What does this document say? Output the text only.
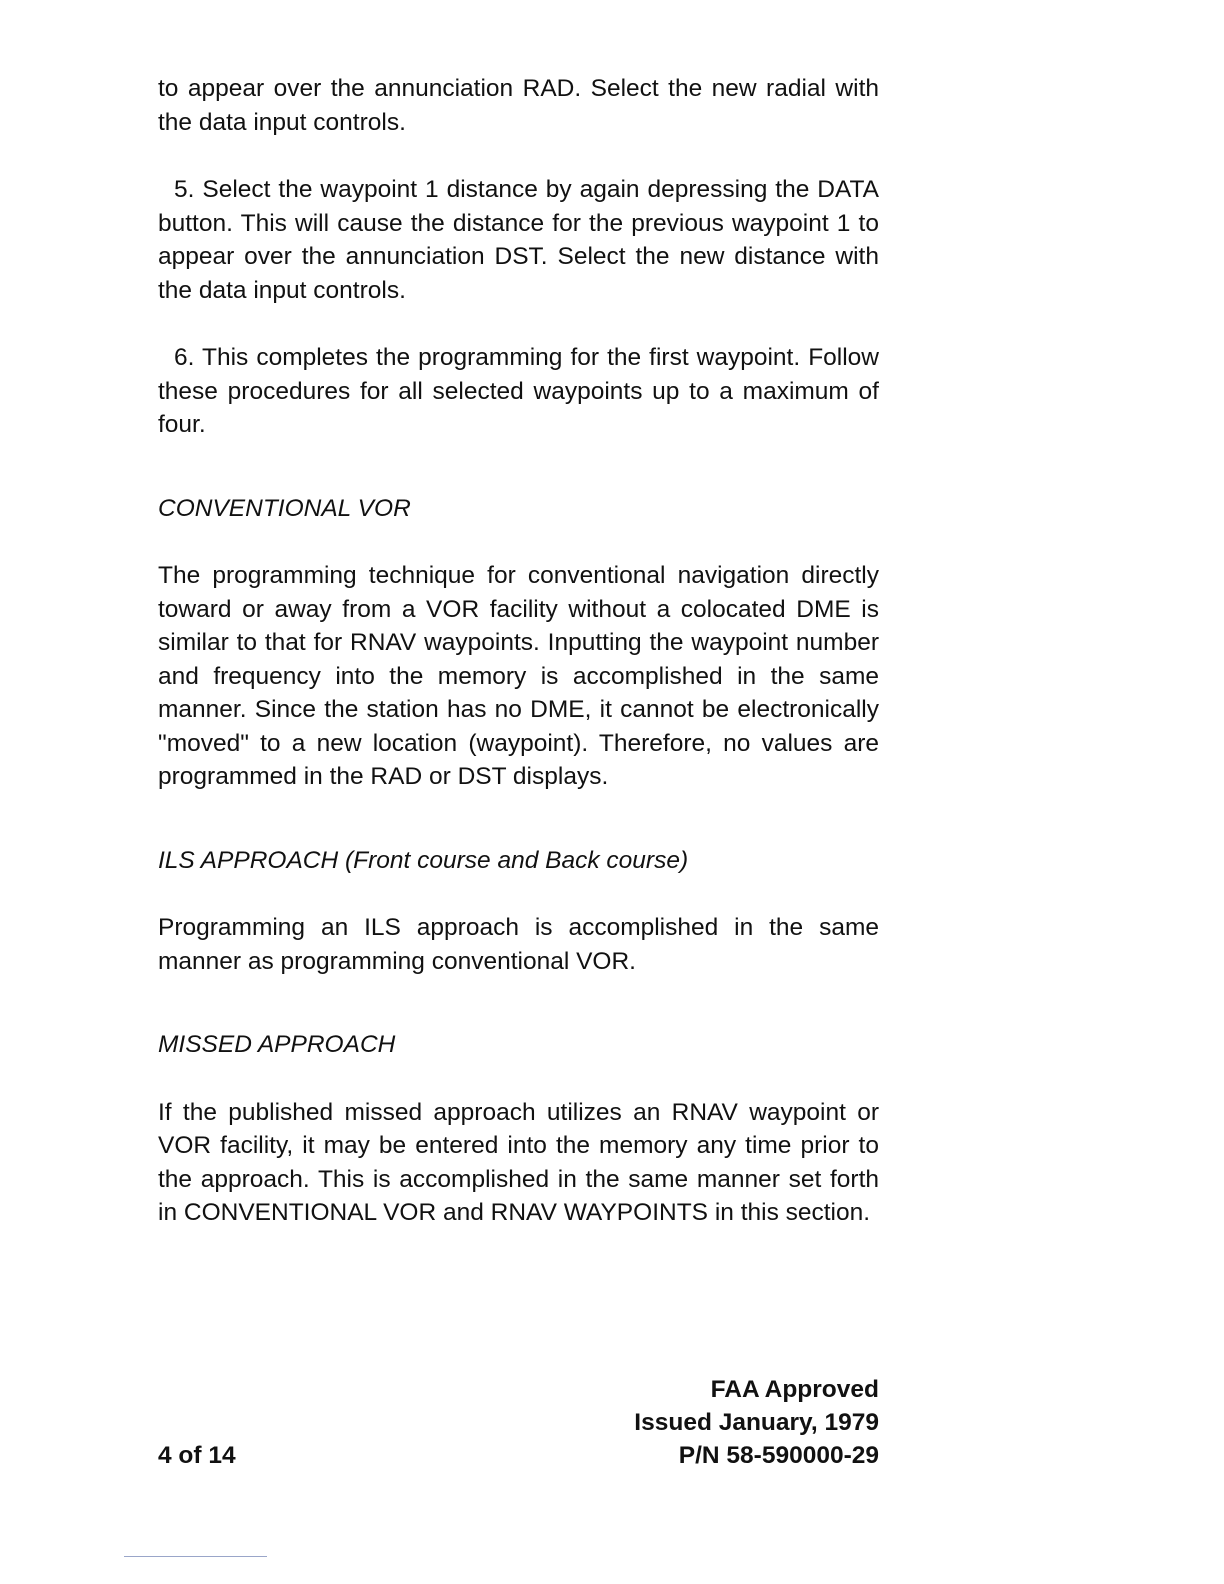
to appear over the annunciation RAD. Select the new radial with the data input controls.

5. Select the waypoint 1 distance by again depressing the DATA button. This will cause the distance for the previous waypoint 1 to appear over the annunciation DST. Select the new distance with the data input controls.

6. This completes the programming for the first waypoint. Follow these procedures for all selected waypoints up to a maximum of four.

CONVENTIONAL VOR

The programming technique for conventional navigation directly toward or away from a VOR facility without a colocated DME is similar to that for RNAV waypoints. Inputting the waypoint number and frequency into the memory is accomplished in the same manner. Since the station has no DME, it cannot be electronically "moved" to a new location (waypoint). Therefore, no values are programmed in the RAD or DST displays.

ILS APPROACH (Front course and Back course)

Programming an ILS approach is accomplished in the same manner as programming conventional VOR.

MISSED APPROACH

If the published missed approach utilizes an RNAV waypoint or VOR facility, it may be entered into the memory any time prior to the approach. This is accomplished in the same manner set forth in CONVENTIONAL VOR and RNAV WAYPOINTS in this section.

FAA Approved
Issued January, 1979
P/N 58-590000-29
4 of 14
